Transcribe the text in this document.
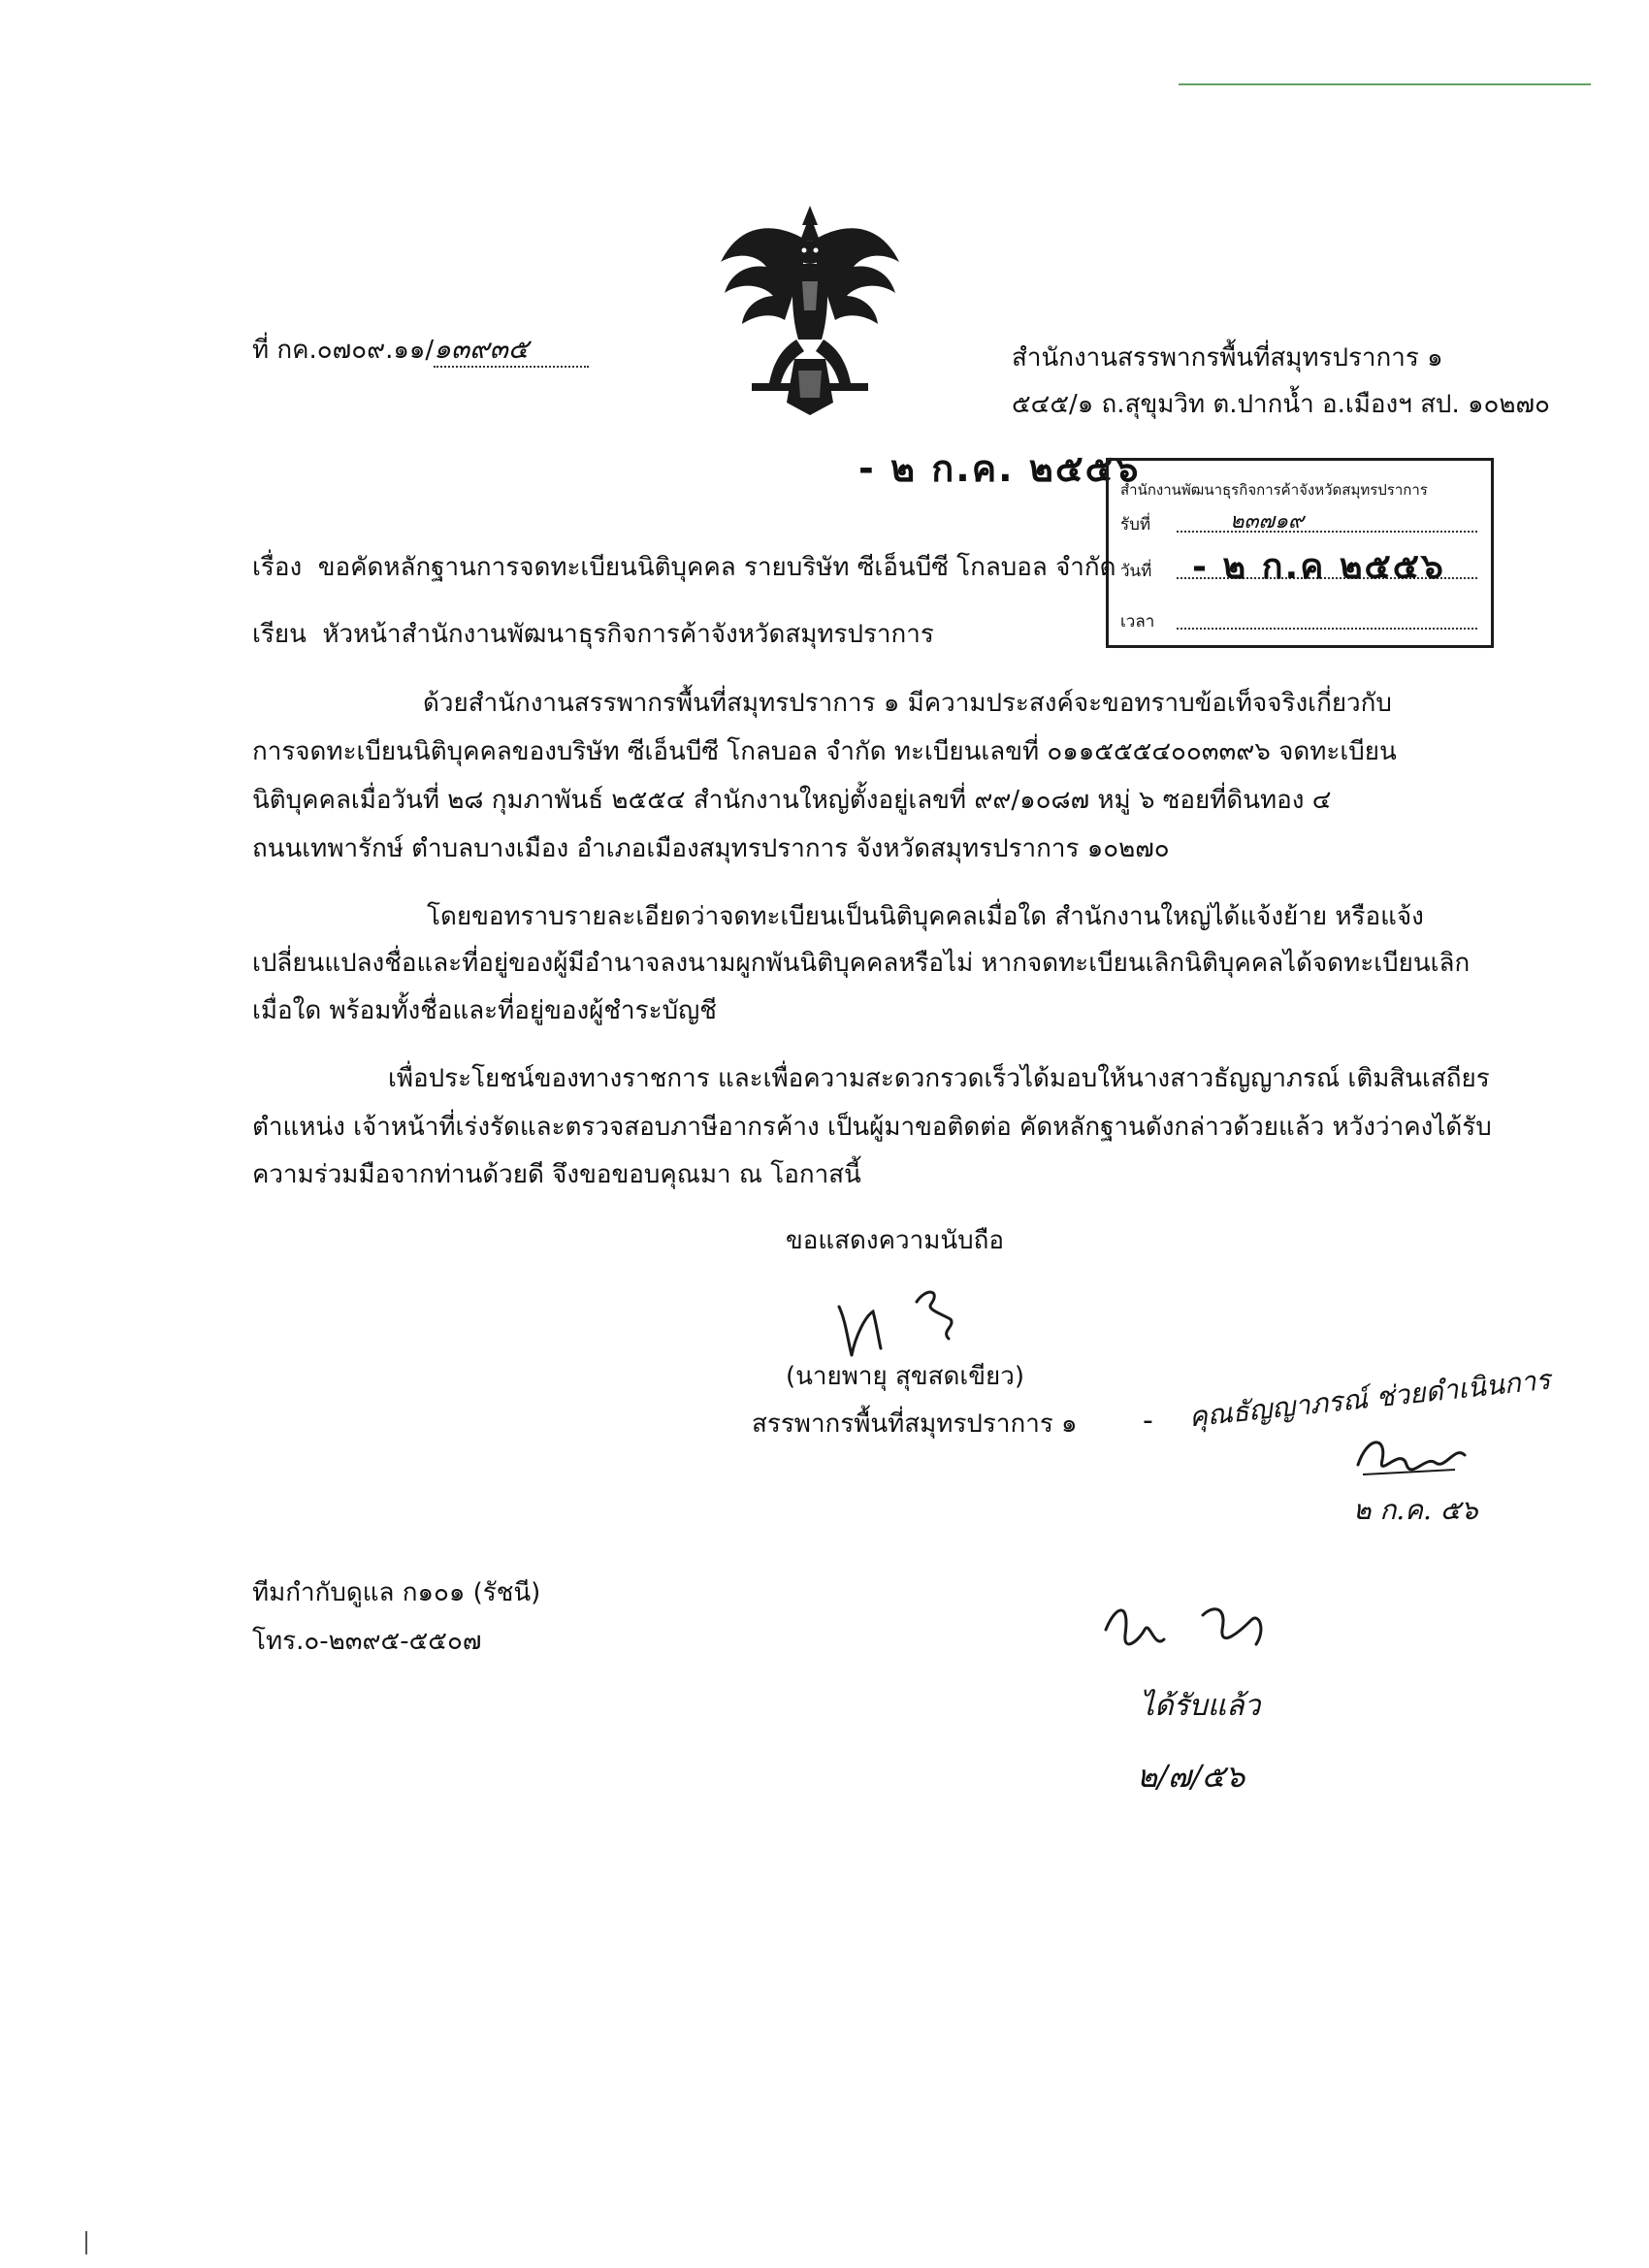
ที่ กค.๐๗๐๙.๑๑/๑๓๙๓๕	สำนักงานสรรพากรพื้นที่สมุทรปราการ ๑
๕๔๕/๑ ถ.สุขุมวิท ต.ปากน้ำ อ.เมืองฯ สป. ๑๐๒๗๐
- ๒ ก.ค. ๒๕๕๖
สำนักงานพัฒนาธุรกิจการค้าจังหวัดสมุทรปราการ
รับที่	๒๓๗๑๙
วันที่ - ๒ ก.ค ๒๕๕๖
เวลา
เรื่อง ขอคัดหลักฐานการจดทะเบียนนิติบุคคล รายบริษัท ซีเอ็นบีซี โกลบอล จำกัด
เรียน หัวหน้าสำนักงานพัฒนาธุรกิจการค้าจังหวัดสมุทรปราการ
ด้วยสำนักงานสรรพากรพื้นที่สมุทรปราการ ๑ มีความประสงค์จะขอทราบข้อเท็จจริงเกี่ยวกับ
การจดทะเบียนนิติบุคคลของบริษัท ซีเอ็นบีซี โกลบอล จำกัด ทะเบียนเลขที่ ๐๑๑๕๕๕๔๐๐๓๓๙๖ จดทะเบียน
นิติบุคคลเมื่อวันที่ ๒๘ กุมภาพันธ์ ๒๕๕๔ สำนักงานใหญ่ตั้งอยู่เลขที่ ๙๙/๑๐๘๗ หมู่ ๖ ซอยที่ดินทอง ๔
ถนนเทพารักษ์ ตำบลบางเมือง อำเภอเมืองสมุทรปราการ จังหวัดสมุทรปราการ ๑๐๒๗๐
โดยขอทราบรายละเอียดว่าจดทะเบียนเป็นนิติบุคคลเมื่อใด สำนักงานใหญ่ได้แจ้งย้าย หรือแจ้ง
เปลี่ยนแปลงชื่อและที่อยู่ของผู้มีอำนาจลงนามผูกพันนิติบุคคลหรือไม่ หากจดทะเบียนเลิกนิติบุคคลได้จดทะเบียนเลิก
เมื่อใด พร้อมทั้งชื่อและที่อยู่ของผู้ชำระบัญชี
เพื่อประโยชน์ของทางราชการ และเพื่อความสะดวกรวดเร็วได้มอบให้นางสาวธัญญาภรณ์ เติมสินเสถียร
ตำแหน่ง เจ้าหน้าที่เร่งรัดและตรวจสอบภาษีอากรค้าง เป็นผู้มาขอติดต่อ คัดหลักฐานดังกล่าวด้วยแล้ว หวังว่าคงได้รับ
ความร่วมมือจากท่านด้วยดี จึงขอขอบคุณมา ณ โอกาสนี้
ขอแสดงความนับถือ
(นายพายุ สุขสดเขียว)
สรรพากรพื้นที่สมุทรปราการ ๑ - คุณธัญญาภรณ์ ช่วยดำเนินการ
๒ ก.ค. ๕๖
ทีมกำกับดูแล ก๑๐๑ (รัชนี)
โทร.๐-๒๓๙๕-๕๕๐๗
ได้รับแล้ว
๒/๗/๕๖
